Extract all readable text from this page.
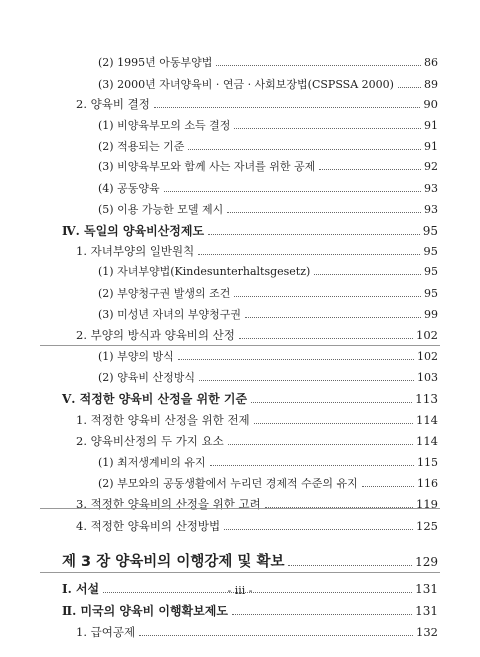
(2) 1995년 아동부양법	86
(3) 2000년 자녀양육비 · 연금 · 사회보장법(CSPSSA 2000)	89
2. 양육비 결정	90
(1) 비양육부모의 소득 결정	91
(2) 적용되는 기준	91
(3) 비양육부모와 함께 사는 자녀를 위한 공제	92
(4) 공동양육	93
(5) 이용 가능한 모델 제시	93
Ⅳ. 독일의 양육비산정제도	95
1. 자녀부양의 일반원칙	95
(1) 자녀부양법(Kindesunterhaltsgesetz)	95
(2) 부양청구권 발생의 조건	95
(3) 미성년 자녀의 부양청구권	99
2. 부양의 방식과 양육비의 산정	102
(1) 부양의 방식	102
(2) 양육비 산정방식	103
Ⅴ. 적정한 양육비 산정을 위한 기준	113
1. 적정한 양육비 산정을 위한 전제	114
2. 양육비산정의 두 가지 요소	114
(1) 최저생계비의 유지	115
(2) 부모와의 공동생활에서 누리던 경제적 수준의 유지	116
3. 적정한 양육비의 산정을 위한 고려	119
4. 적정한 양육비의 산정방법	125
제 3 장 양육비의 이행강제 및 확보	129
Ⅰ. 서설	131
Ⅱ. 미국의 양육비 이행확보제도	131
1. 급여공제	132
- iii -
